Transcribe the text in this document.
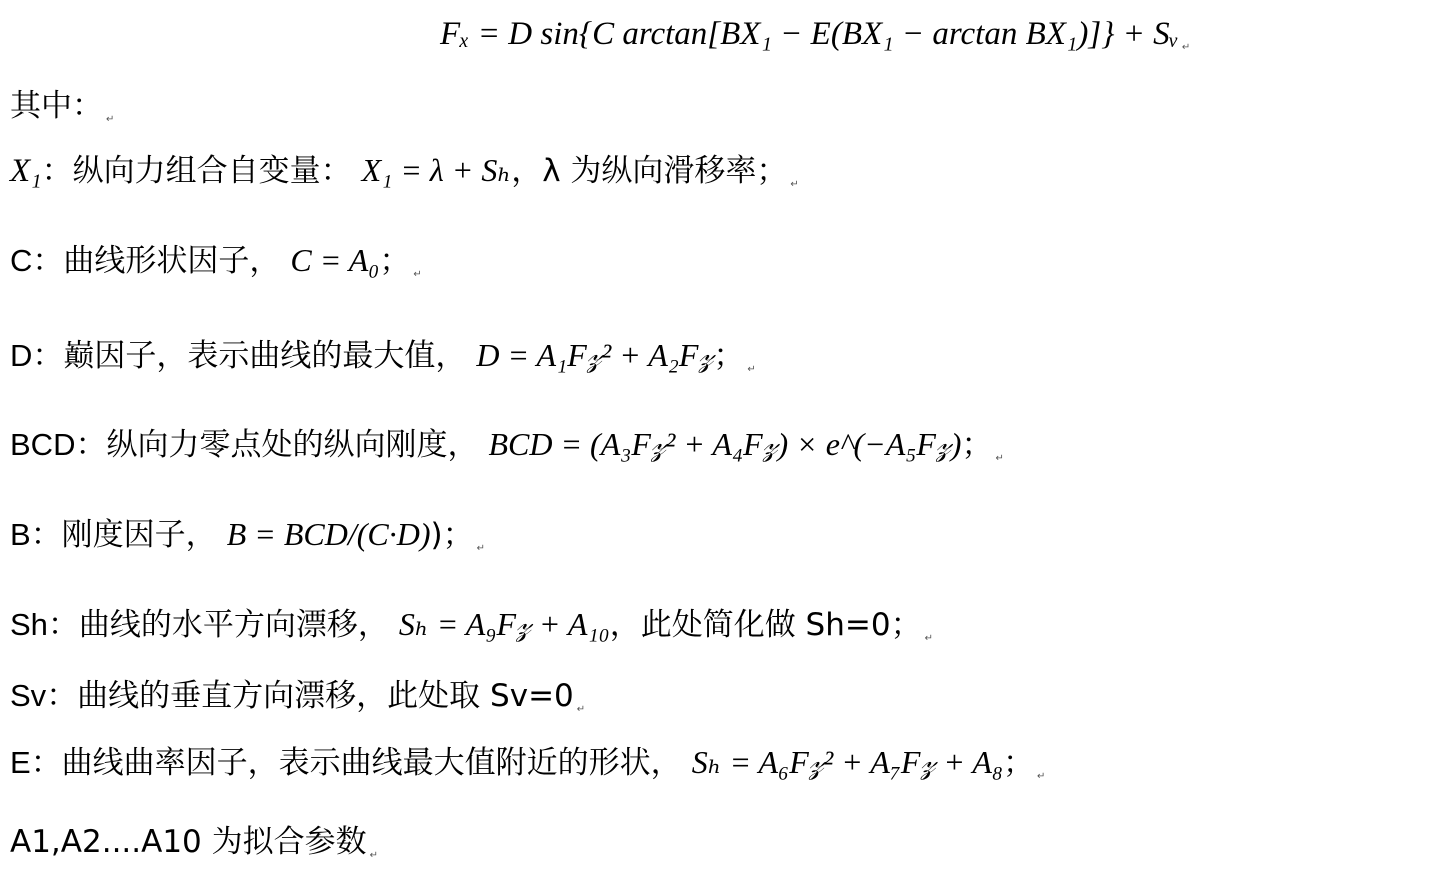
Fₓ = D sin{C arctan[BX₁ − E(BX₁ − arctan BX₁)]} + Sᵥ ↵
其中： ↵
X₁：纵向力组合自变量： X₁ = λ + Sₕ，λ 为纵向滑移率； ↵
C：曲线形状因子， C = A₀； ↵
D：巅因子，表示曲线的最大值， D = A₁F𝓏² + A₂F𝓏； ↵
BCD：纵向力零点处的纵向刚度， BCD = (A₃F𝓏² + A₄F𝓏) × e^(−A₅F𝓏)； ↵
B：刚度因子， B = BCD/(C·D))； ↵
Sh：曲线的水平方向漂移， Sₕ = A₉F𝓏 + A₁₀，此处简化做 Sh=0； ↵
Sv：曲线的垂直方向漂移，此处取 Sv=0 ↵
E：曲线曲率因子，表示曲线最大值附近的形状， Sₕ = A₆F𝓏² + A₇F𝓏 + A₈； ↵
A1,A2....A10 为拟合参数 ↵
